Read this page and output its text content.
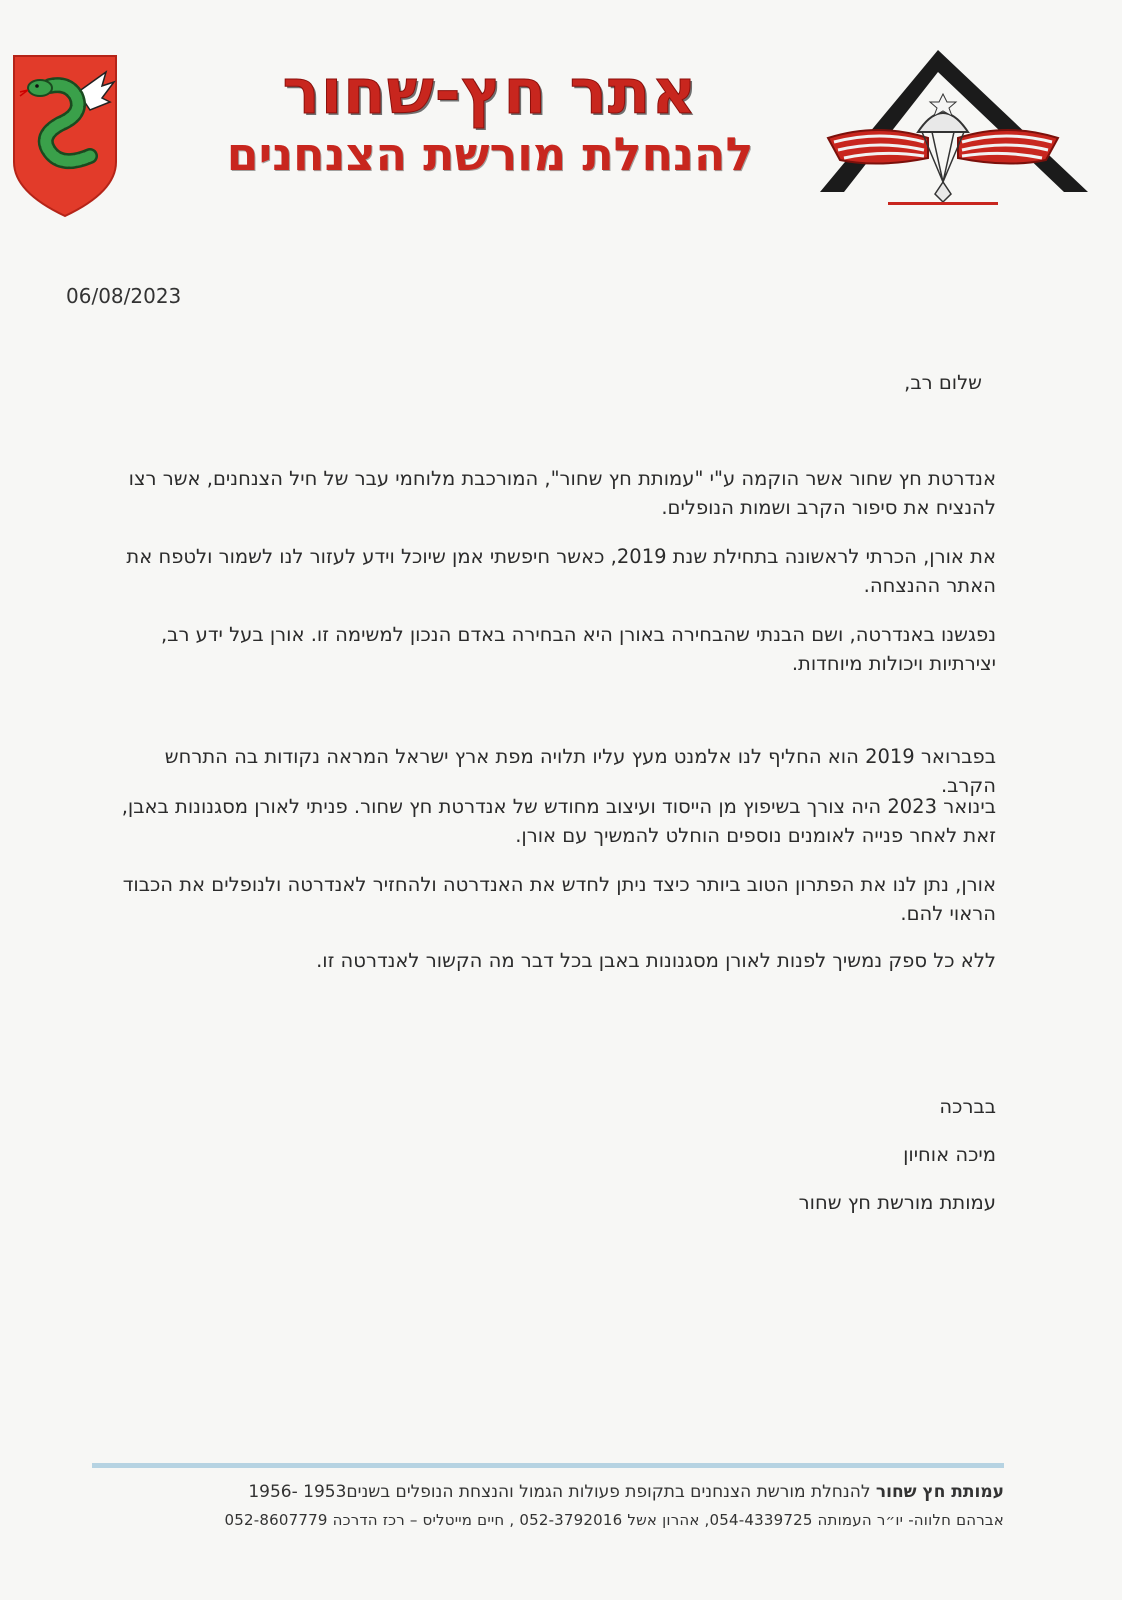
אתר חץ-שחור
להנחלת מורשת הצנחנים
06/08/2023
שלום רב,

אנדרטת חץ שחור אשר הוקמה ע"י "עמותת חץ שחור", המורכבת מלוחמי עבר של חיל הצנחנים, אשר רצו להנציח את סיפור הקרב ושמות הנופלים.

את אורן, הכרתי לראשונה בתחילת שנת 2019, כאשר חיפשתי אמן שיוכל וידע לעזור לנו לשמור ולטפח את האתר ההנצחה.

נפגשנו באנדרטה, ושם הבנתי שהבחירה באורן היא הבחירה באדם הנכון למשימה זו. אורן בעל ידע רב, יצירתיות ויכולות מיוחדות.

בפברואר 2019 הוא החליף לנו אלמנט מעץ עליו תלויה מפת ארץ ישראל המראה נקודות בה התרחש הקרב.

בינואר 2023 היה צורך בשיפוץ מן הייסוד ועיצוב מחודש של אנדרטת חץ שחור. פניתי לאורן מסגנונות באבן, זאת לאחר פנייה לאומנים נוספים הוחלט להמשיך עם אורן.

אורן, נתן לנו את הפתרון הטוב ביותר כיצד ניתן לחדש את האנדרטה ולהחזיר לאנדרטה ולנופלים את הכבוד הראוי להם.

ללא כל ספק נמשיך לפנות לאורן מסגנונות באבן בכל דבר מה הקשור לאנדרטה זו.

בברכה
מיכה אוחיון
עמותת מורשת חץ שחור
עמותת חץ שחור להנחלת מורשת הצנחנים בתקופת פעולות הגמול והנצחת הנופלים בשנים1953 -1956
אברהם חלווה- יו״ר העמותה 054-4339725, אהרון אשל 052-3792016 , חיים מייטליס – רכז הדרכה 052-8607779
